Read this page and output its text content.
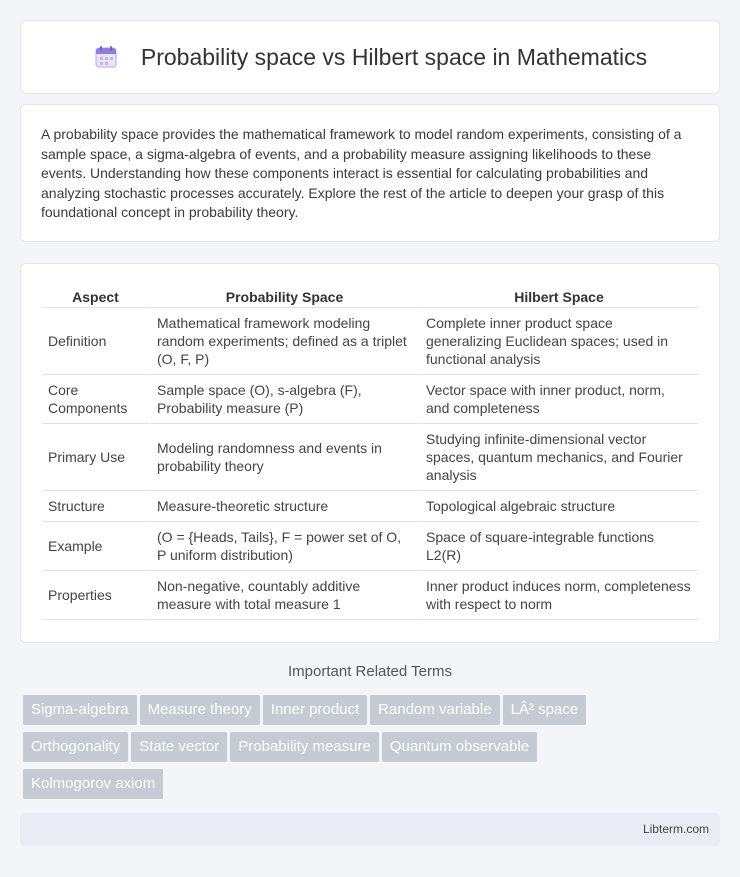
Probability space vs Hilbert space in Mathematics

A probability space provides the mathematical framework to model random experiments, consisting of a sample space, a sigma-algebra of events, and a probability measure assigning likelihoods to these events. Understanding how these components interact is essential for calculating probabilities and analyzing stochastic processes accurately. Explore the rest of the article to deepen your grasp of this foundational concept in probability theory.

Aspect	Probability Space	Hilbert Space
Definition	Mathematical framework modeling random experiments; defined as a triplet (O, F, P)	Complete inner product space generalizing Euclidean spaces; used in functional analysis
Core Components	Sample space (O), s-algebra (F), Probability measure (P)	Vector space with inner product, norm, and completeness
Primary Use	Modeling randomness and events in probability theory	Studying infinite-dimensional vector spaces, quantum mechanics, and Fourier analysis
Structure	Measure-theoretic structure	Topological algebraic structure
Example	(O = {Heads, Tails}, F = power set of O, P uniform distribution)	Space of square-integrable functions L2(R)
Properties	Non-negative, countably additive measure with total measure 1	Inner product induces norm, completeness with respect to norm
Important Related Terms
Sigma-algebra Measure theory Inner product Random variable LÂ² space
Orthogonality State vector Probability measure Quantum observable
Kolmogorov axiom
Libterm.com
